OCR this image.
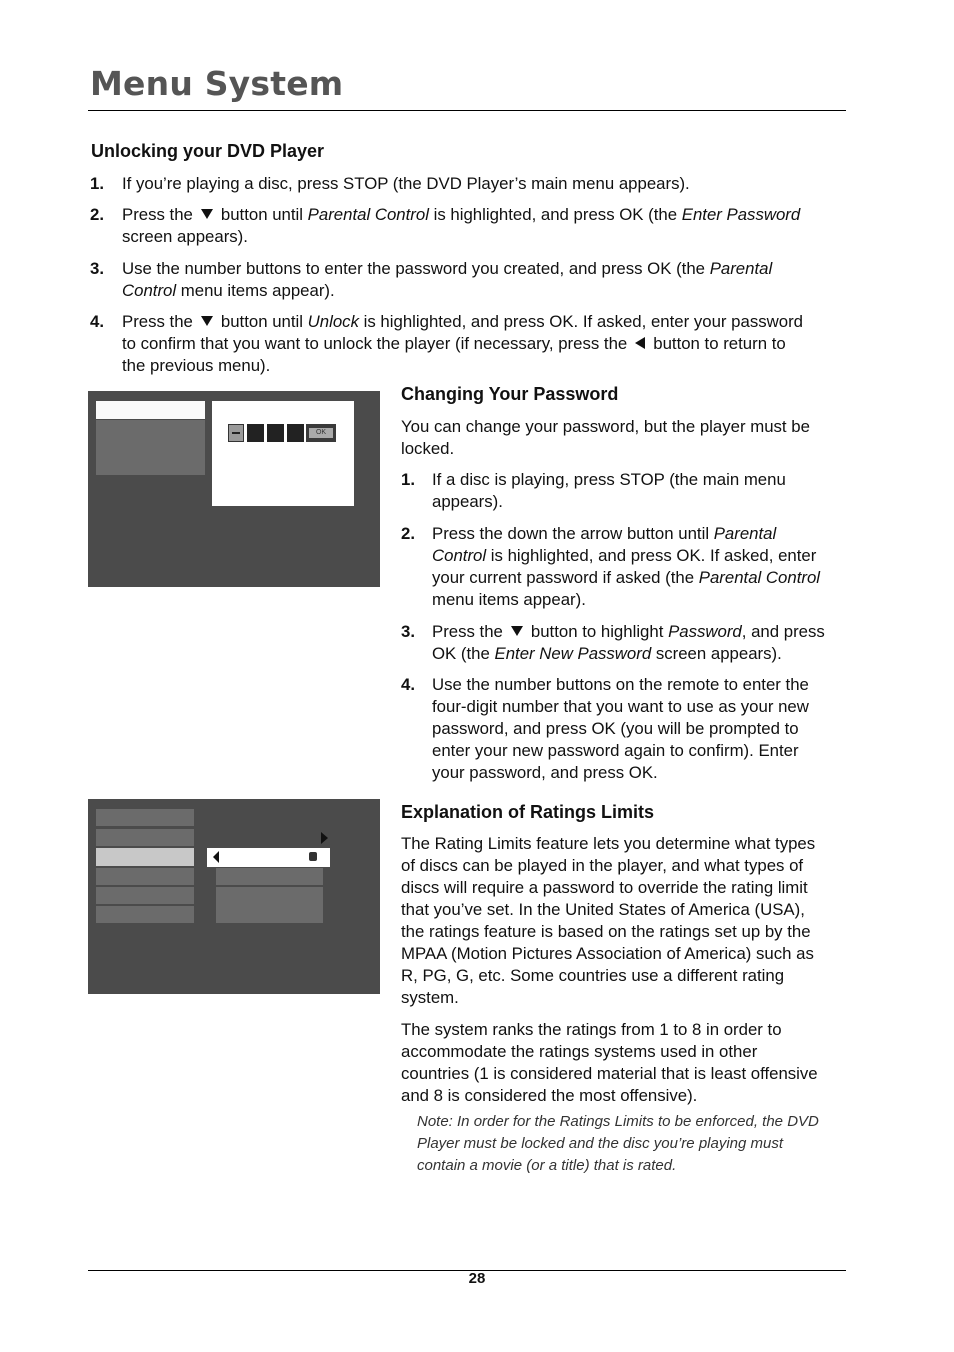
Menu System
Unlocking your DVD Player
1. If you’re playing a disc, press STOP (the DVD Player’s main menu appears).
2. Press the button until Parental Control is highlighted, and press OK (the Enter Password
screen appears).
3. Use the number buttons to enter the password you created, and press OK (the Parental
Control menu items appear).
4. Press the button until Unlock is highlighted, and press OK. If asked, enter your password
to confirm that you want to unlock the player (if necessary, press the button to return to
the previous menu).
OK
Changing Your Password

You can change your password, but the player must be
locked.

1. If a disc is playing, press STOP (the main menu
appears).
2. Press the down the arrow button until Parental
Control is highlighted, and press OK. If asked, enter
your current password if asked (the Parental Control
menu items appear).
3. Press the button to highlight Password, and press
OK (the Enter New Password screen appears).
4. Use the number buttons on the remote to enter the
four-digit number that you want to use as your new
password, and press OK (you will be prompted to
enter your new password again to confirm). Enter
your password, and press OK.
Explanation of Ratings Limits

The Rating Limits feature lets you determine what types
of discs can be played in the player, and what types of
discs will require a password to override the rating limit
that you’ve set. In the United States of America (USA),
the ratings feature is based on the ratings set up by the
MPAA (Motion Pictures Association of America) such as
R, PG, G, etc. Some countries use a different rating
system.

The system ranks the ratings from 1 to 8 in order to
accommodate the ratings systems used in other
countries (1 is considered material that is least offensive
and 8 is considered the most offensive).

Note: In order for the Ratings Limits to be enforced, the DVD
Player must be locked and the disc you’re playing must
contain a movie (or a title) that is rated.

28
